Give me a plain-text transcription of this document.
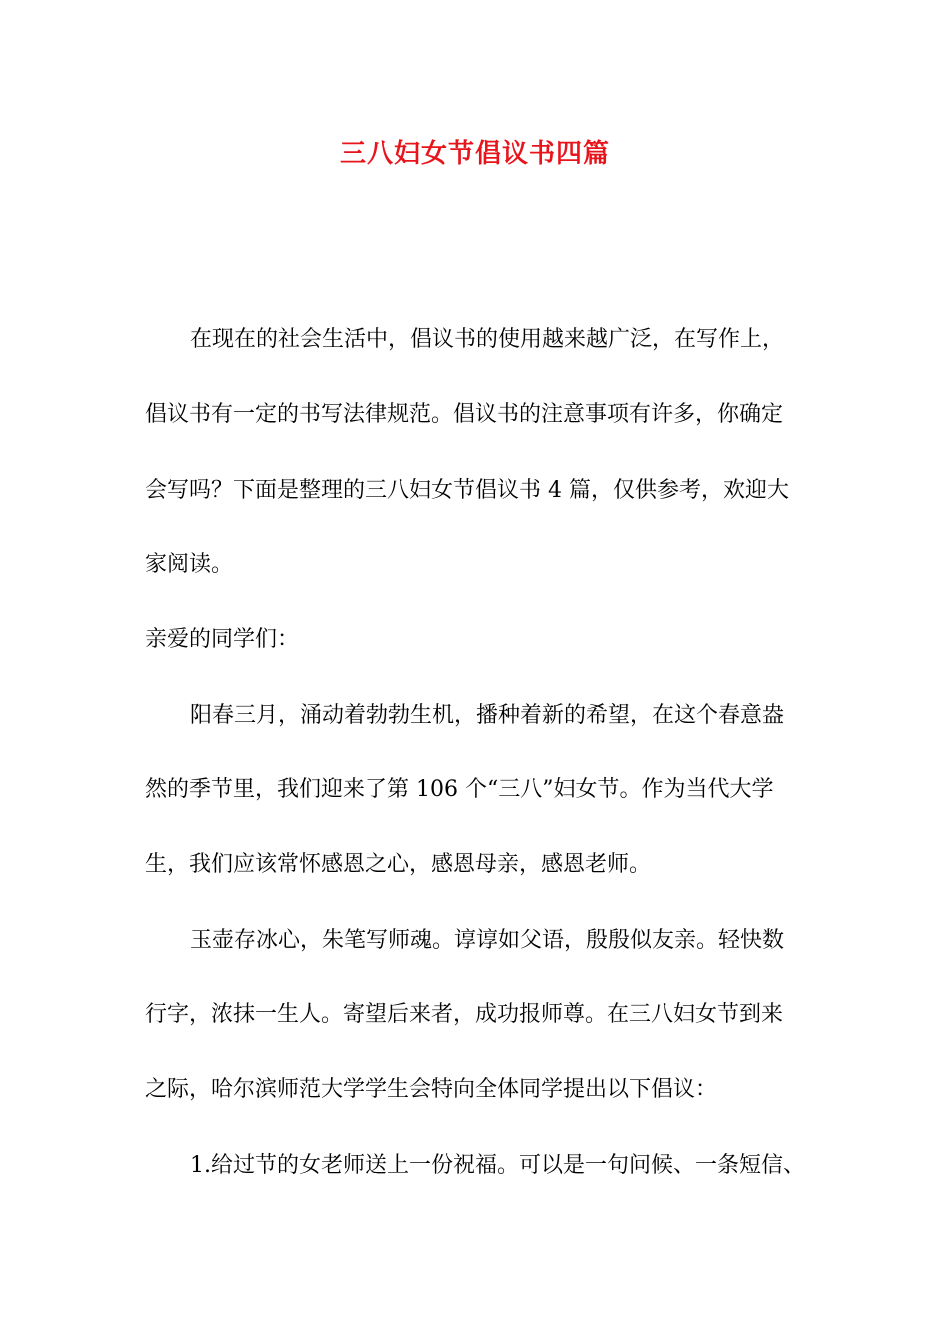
三八妇女节倡议书四篇
在现在的社会生活中，倡议书的使用越来越广泛，在写作上，
倡议书有一定的书写法律规范。倡议书的注意事项有许多，你确定
会写吗？下面是整理的三八妇女节倡议书 4 篇，仅供参考，欢迎大
家阅读。
亲爱的同学们：
阳春三月，涌动着勃勃生机，播种着新的希望，在这个春意盎
然的季节里，我们迎来了第 106 个“三八”妇女节。作为当代大学
生，我们应该常怀感恩之心，感恩母亲，感恩老师。
玉壶存冰心，朱笔写师魂。谆谆如父语，殷殷似友亲。轻快数
行字，浓抹一生人。寄望后来者，成功报师尊。在三八妇女节到来
之际，哈尔滨师范大学学生会特向全体同学提出以下倡议：
1.给过节的女老师送上一份祝福。可以是一句问候、一条短信、
